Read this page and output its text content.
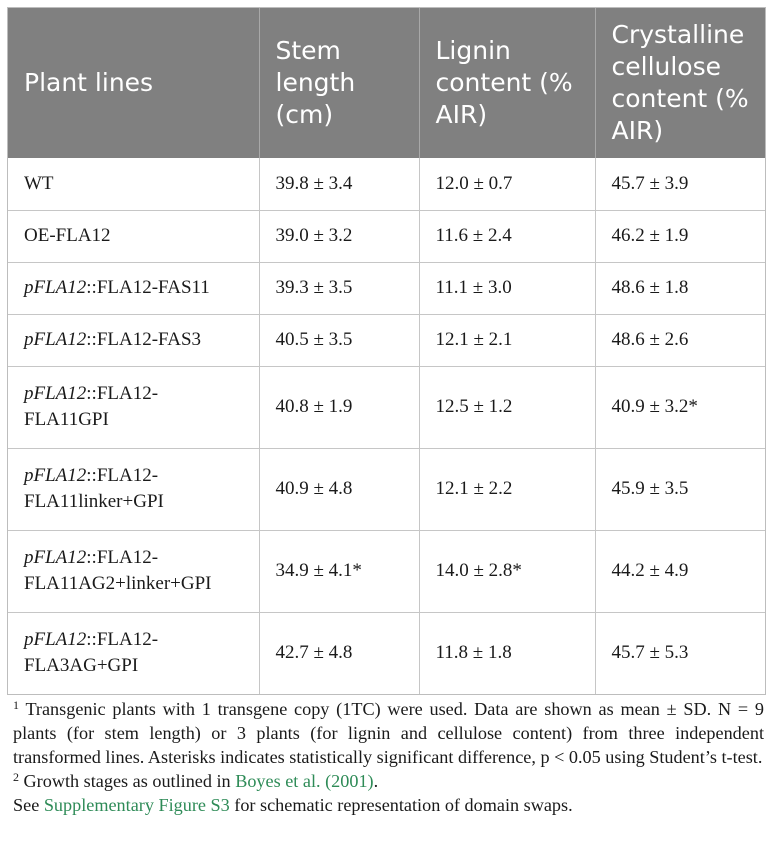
Plant lines	Stem length (cm)	Lignin content (% AIR)	Crystalline cellulose content (% AIR)
WT	39.8 ± 3.4	12.0 ± 0.7	45.7 ± 3.9
OE-FLA12	39.0 ± 3.2	11.6 ± 2.4	46.2 ± 1.9
pFLA12::FLA12-FAS11	39.3 ± 3.5	11.1 ± 3.0	48.6 ± 1.8
pFLA12::FLA12-FAS3	40.5 ± 3.5	12.1 ± 2.1	48.6 ± 2.6
pFLA12::FLA12-
FLA11GPI	40.8 ± 1.9	12.5 ± 1.2	40.9 ± 3.2*
pFLA12::FLA12-
FLA11linker+GPI	40.9 ± 4.8	12.1 ± 2.2	45.9 ± 3.5
pFLA12::FLA12-
FLA11AG2+linker+GPI	34.9 ± 4.1*	14.0 ± 2.8*	44.2 ± 4.9
pFLA12::FLA12-
FLA3AG+GPI	42.7 ± 4.8	11.8 ± 1.8	45.7 ± 5.3

$^1$ Transgenic plants with 1 transgene copy (1TC) were used. Data are shown as mean ± SD. N = 9 plants (for stem length) or 3 plants (for lignin and cellulose content) from three independent transformed lines. Asterisks indicates statistically significant difference, p < 0.05 using Student’s t-test.

$^2$ Growth stages as outlined in Boyes et al. (2001).

See Supplementary Figure S3 for schematic representation of domain swaps.
